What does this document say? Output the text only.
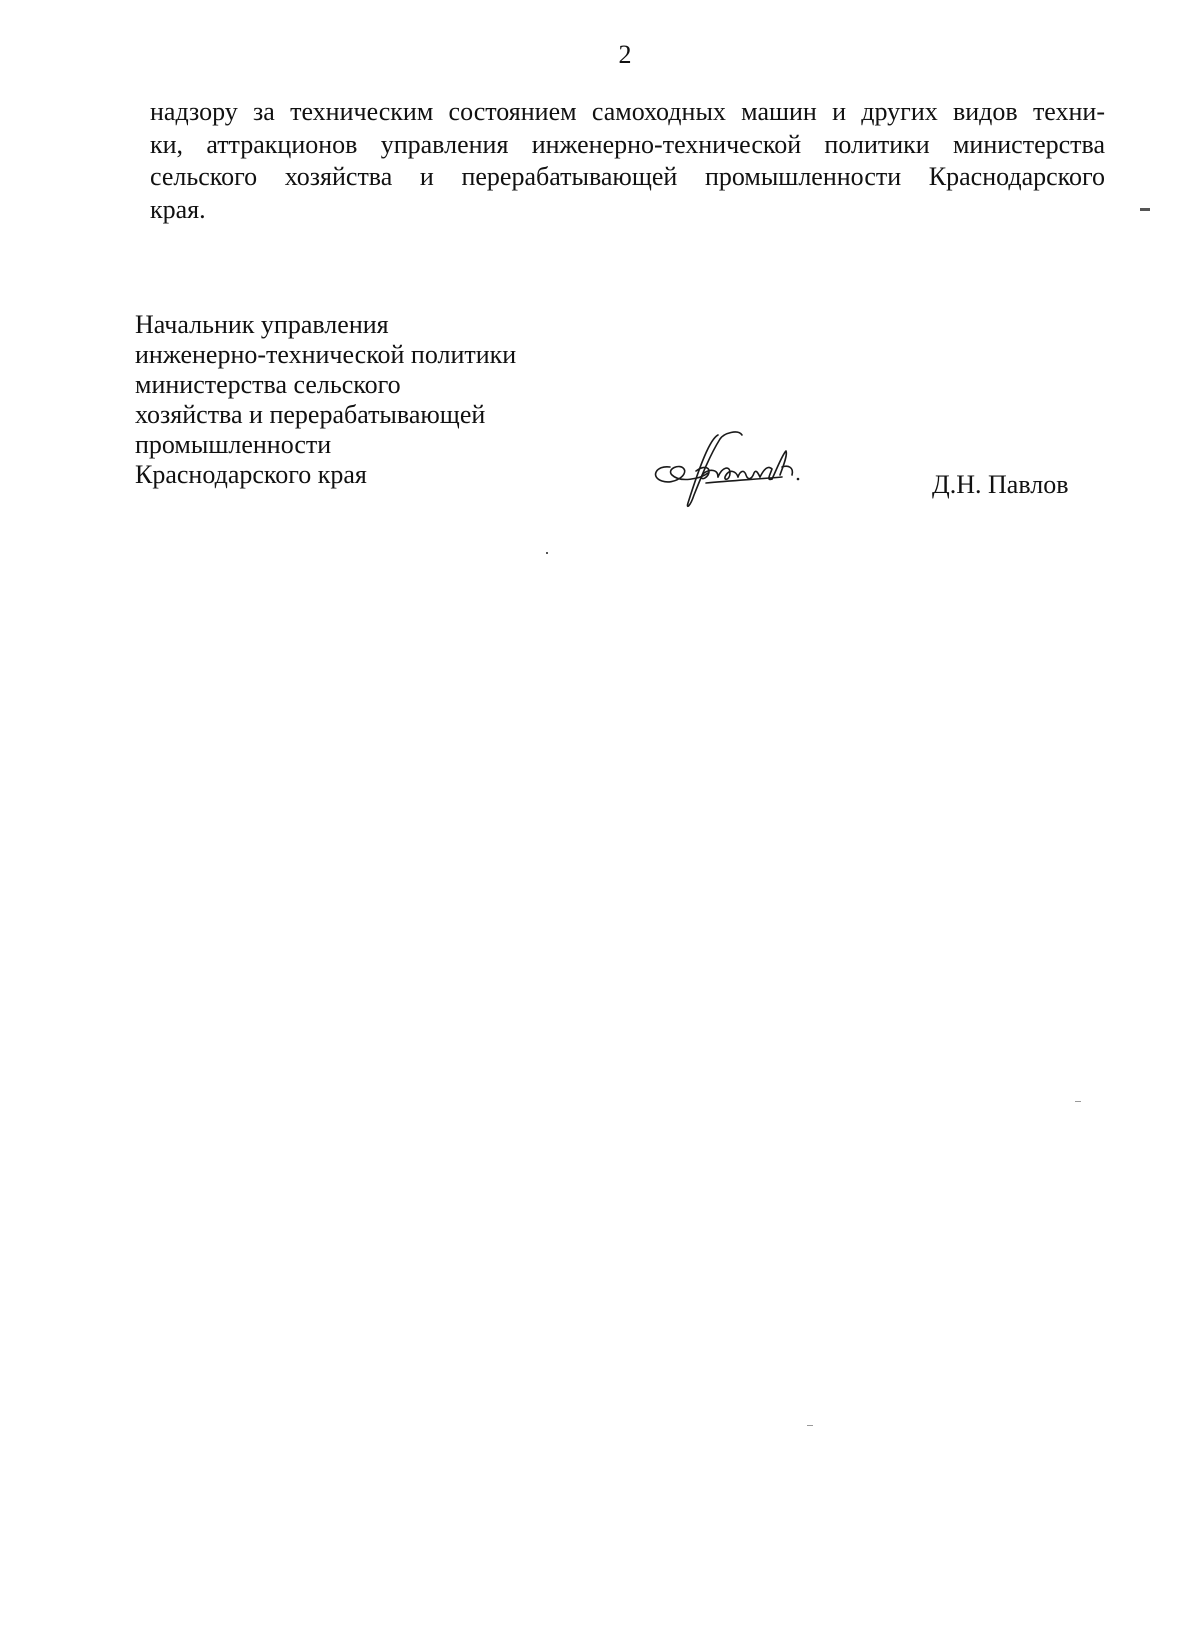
2
надзору за техническим состоянием самоходных машин и других видов техни-
ки, аттракционов управления инженерно-технической политики министерства
сельского хозяйства и перерабатывающей промышленности Краснодарского
края.
Начальник управления
инженерно-технической политики
министерства сельского
хозяйства и перерабатывающей
промышленности
Краснодарского края	Д.Н. Павлов
